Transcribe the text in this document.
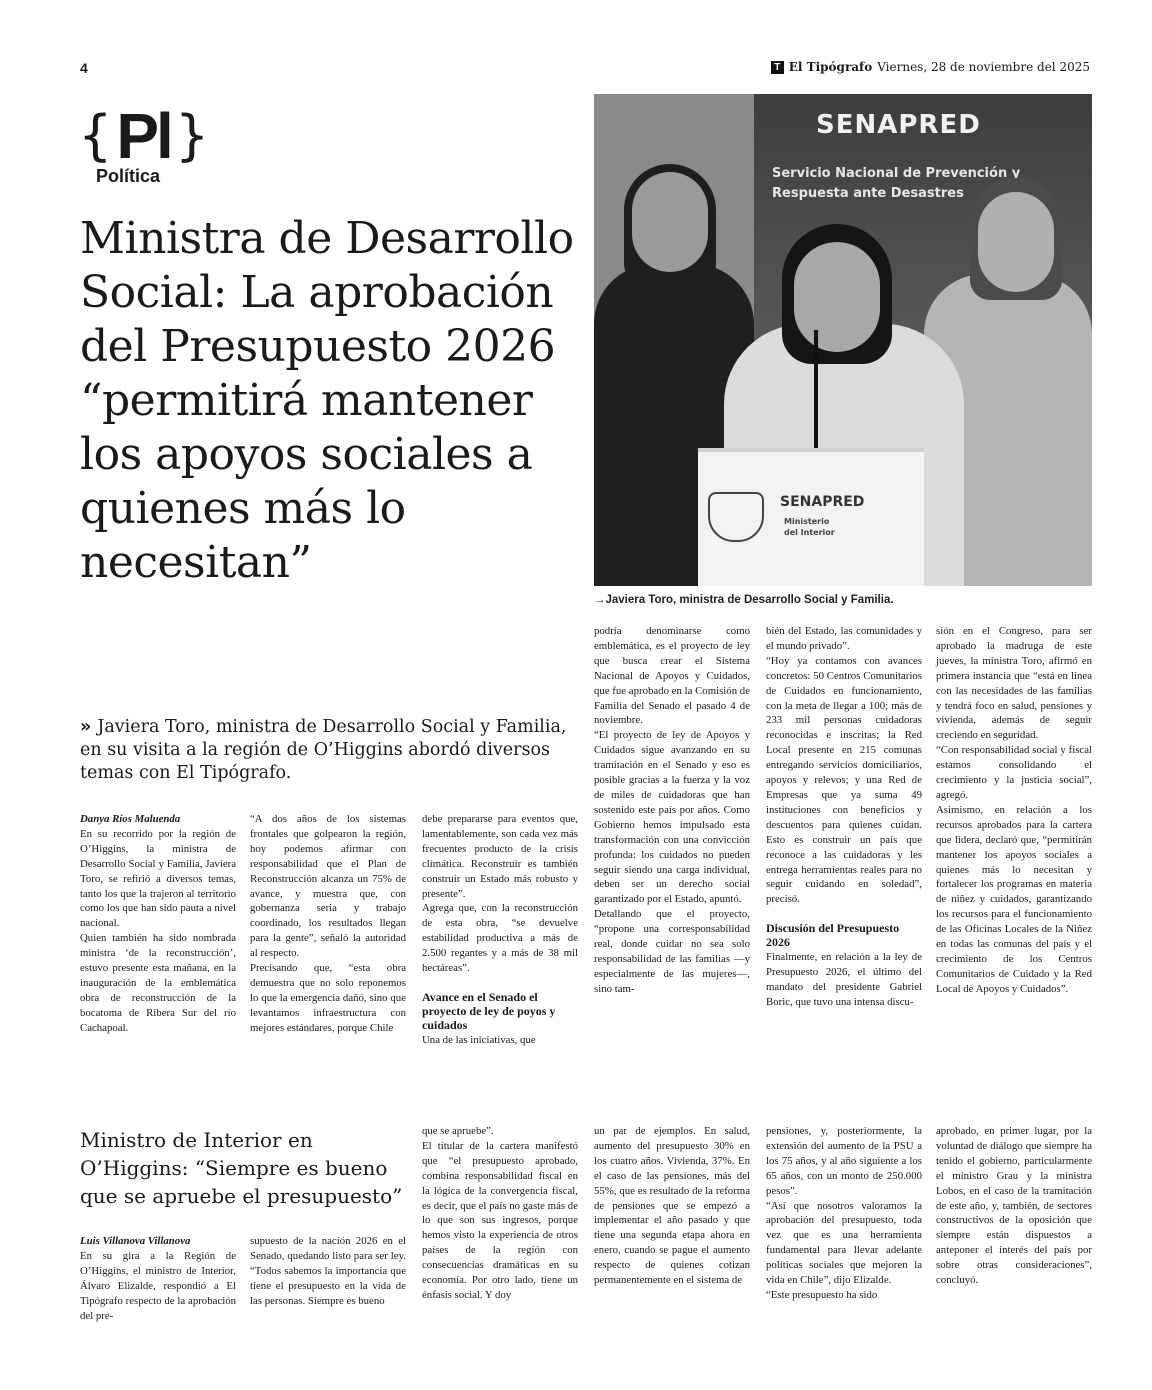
4	T El Tipógrafo Viernes, 28 de noviembre del 2025
{ Pl }
Política
Ministra de Desarrollo Social: La aprobación del Presupuesto 2026 “permitirá mantener los apoyos sociales a quienes más lo necesitan”
SENAPRED
Servicio Nacional de Prevención y Respuesta ante Desastres
SENAPRED
Ministerio del Interior
→Javiera Toro, ministra de Desarrollo Social y Familia.
» Javiera Toro, ministra de Desarrollo Social y Familia, en su visita a la región de O’Higgins abordó diversos temas con El Tipógrafo.

Danya Ríos Maluenda

En su recorrido por la región de O’Higgins, la ministra de Desarrollo Social y Familia, Javiera Toro, se refirió a diversos temas, tanto los que la trajeron al territorio como los que han sido pauta a nivel nacional.

Quien también ha sido nombrada ministra ‘de la reconstrucción’, estuvo presente esta mañana, en la inauguración de la emblemática obra de reconstrucción de la bocatoma de Ribera Sur del río Cachapoal.

“A dos años de los sistemas frontales que golpearon la región, hoy podemos afirmar con responsabilidad que el Plan de Reconstrucción alcanza un 75% de avance, y muestra que, con gobernanza seria y trabajo coordinado, los resultados llegan para la gente”, señaló la autoridad al respecto.

Precisando que, “esta obra demuestra que no solo reponemos lo que la emergencia dañó, sino que levantamos infraestructura con mejores estándares, porque Chile

debe prepararse para eventos que, lamentablemente, son cada vez más frecuentes producto de la crisis climática. Reconstruir es también construir un Estado más robusto y presente”.

Agrega que, con la reconstrucción de esta obra, “se devuelve estabilidad productiva a más de 2.500 regantes y a más de 38 mil hectáreas”.

Avance en el Senado el proyecto de ley de poyos y cuidados

Una de las iniciativas, que

podría denominarse como emblemática, es el proyecto de ley que busca crear el Sistema Nacional de Apoyos y Cuidados, que fue aprobado en la Comisión de Familia del Senado el pasado 4 de noviembre.

“El proyecto de ley de Apoyos y Cuidados sigue avanzando en su tramitación en el Senado y eso es posible gracias a la fuerza y la voz de miles de cuidadoras que han sostenido este país por años. Como Gobierno hemos impulsado esta transformación con una convicción profunda: los cuidados no pueden seguir siendo una carga individual, deben ser un derecho social garantizado por el Estado, apuntó.

Detallando que el proyecto, “propone una corresponsabilidad real, donde cuidar no sea solo responsabilidad de las familias —y especialmente de las mujeres—, sino tam-

bién del Estado, las comunidades y el mundo privado”.

“Hoy ya contamos con avances concretos: 50 Centros Comunitarios de Cuidados en funcionamiento, con la meta de llegar a 100; más de 233 mil personas cuidadoras reconocidas e inscritas; la Red Local presente en 215 comunas entregando servicios domiciliarios, apoyos y relevos; y una Red de Empresas que ya suma 49 instituciones con beneficios y descuentos para quienes cuidan. Esto es construir un país que reconoce a las cuidadoras y les entrega herramientas reales para no seguir cuidando en soledad”, precisó.

Discusión del Presupuesto 2026

Finalmente, en relación a la ley de Presupuesto 2026, el último del mandato del presidente Gabriel Boric, que tuvo una intensa discu-

sión en el Congreso, para ser aprobado la madruga de este jueves, la ministra Toro, afirmó en primera instancia que “está en línea con las necesidades de las familias y tendrá foco en salud, pensiones y vivienda, además de seguir creciendo en seguridad.

“Con responsabilidad social y fiscal estamos consolidando el crecimiento y la justicia social”, agregó.

Asimismo, en relación a los recursos aprobados para la cartera que lidera, declaró que, “permitirán mantener los apoyos sociales a quienes más lo necesitan y fortalecer los programas en materia de niñez y cuidados, garantizando los recursos para el funcionamiento de las Oficinas Locales de la Niñez en todas las comunas del país y el crecimiento de los Centros Comunitarios de Cuidado y la Red Local de Apoyos y Cuidados”.

Ministro de Interior en O’Higgins: “Siempre es bueno que se apruebe el presupuesto”

Luis Villanova Villanova

En su gira a la Región de O’Higgins, el ministro de Interior, Álvaro Elizalde, respondió a El Tipógrafo respecto de la aprobación del pre-

supuesto de la nación 2026 en el Senado, quedando listo para ser ley. “Todos sabemos la importancia que tiene el presupuesto en la vida de las personas. Siempre es bueno

que se apruebe”.

El titular de la cartera manifestó que “el presupuesto aprobado, combina responsabilidad fiscal en la lógica de la convergencia fiscal, es decir, que el país no gaste más de lo que son sus ingresos, porque hemos visto la experiencia de otros países de la región con consecuencias dramáticas en su economía. Por otro lado, tiene un énfasis social. Y doy

un par de ejemplos. En salud, aumento del presupuesto 30% en los cuatro años. Vivienda, 37%. En el caso de las pensiones, más del 55%, que es resultado de la reforma de pensiones que se empezó a implementar el año pasado y que tiene una segunda etapa ahora en enero, cuando se pague el aumento respecto de quienes cotizan permanentemente en el sistema de

pensiones, y, posteriormente, la extensión del aumento de la PSU a los 75 años, y al año siguiente a los 65 años, con un monto de 250.000 pesos”.

“Así que nosotros valoramos la aprobación del presupuesto, toda vez que es una herramienta fundamental para llevar adelante políticas sociales que mejoren la vida en Chile”, dijo Elizalde.

“Este presupuesto ha sido

aprobado, en primer lugar, por la voluntad de diálogo que siempre ha tenido el gobierno, particularmente el ministro Grau y la ministra Lobos, en el caso de la tramitación de este año, y, también, de sectores constructivos de la oposición que siempre están dispuestos a anteponer el interés del país por sobre otras consideraciones”, concluyó.
